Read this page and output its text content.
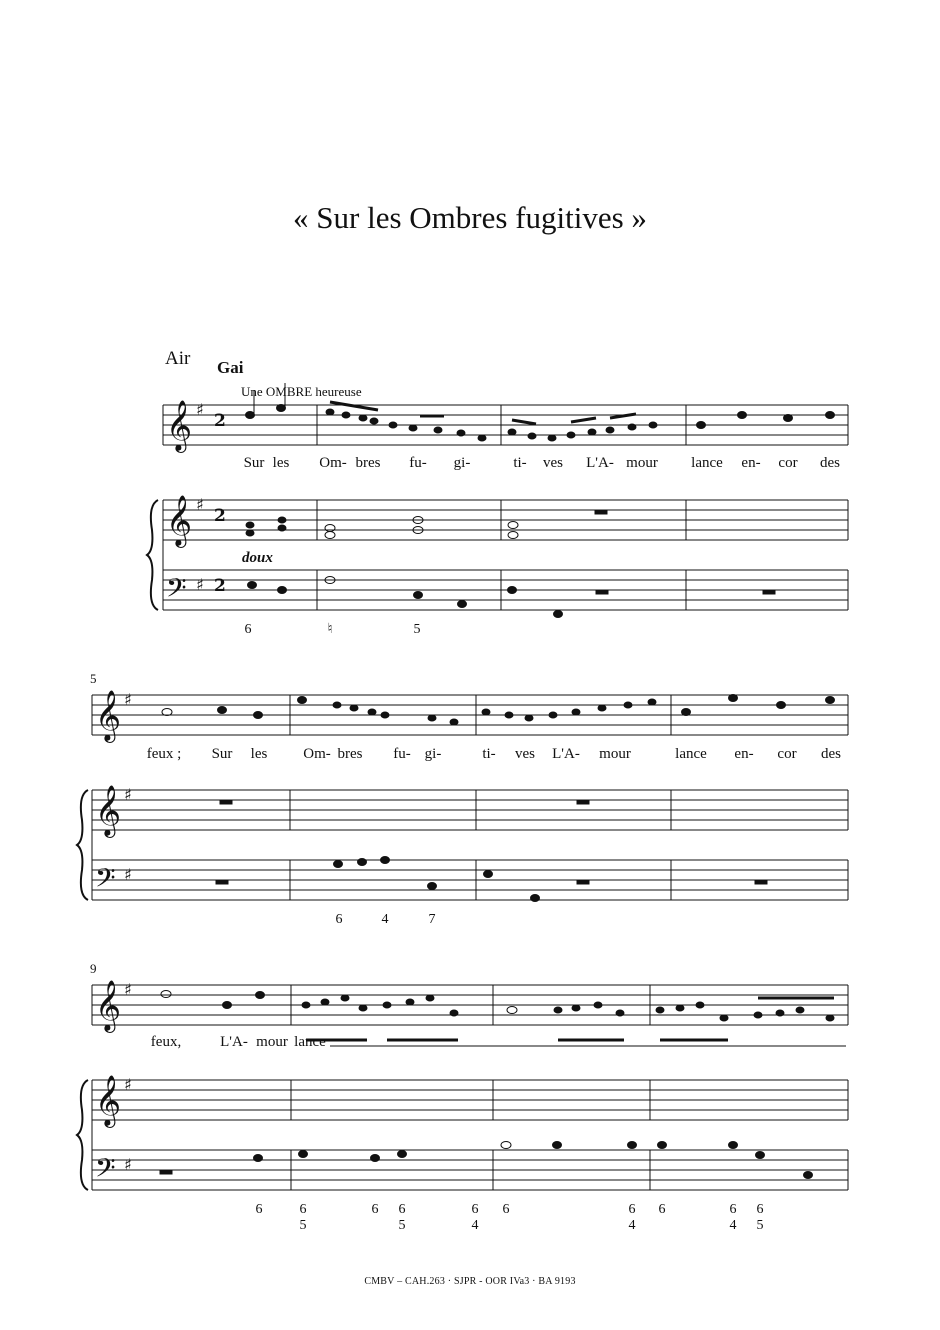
« Sur les Ombres fugitives »
Air Gai
Une OMBRE heureuse
doux
5
9
Sur les Om- bres fu- gi-	ti- ves L'A- mour lance en- cor des
feux ; Sur les Om- bres fu- gi-	ti- ves L'A- mour	lance en- cor des
feux,	L'A- mour lance
6	♮	5
6	4	7
6	6
5
6 6
5
6
4
6	6
4
6	6
4
6
5
CMBV – CAH.263 · SJPR - OOR IVa3 · BA 9193
𝄞
𝄞
𝄢
♯
♯
♯
2
2
2
𝄞
𝄞
𝄢
♯
♯
♯
𝄞
𝄞
𝄢
♯
♯
♯
